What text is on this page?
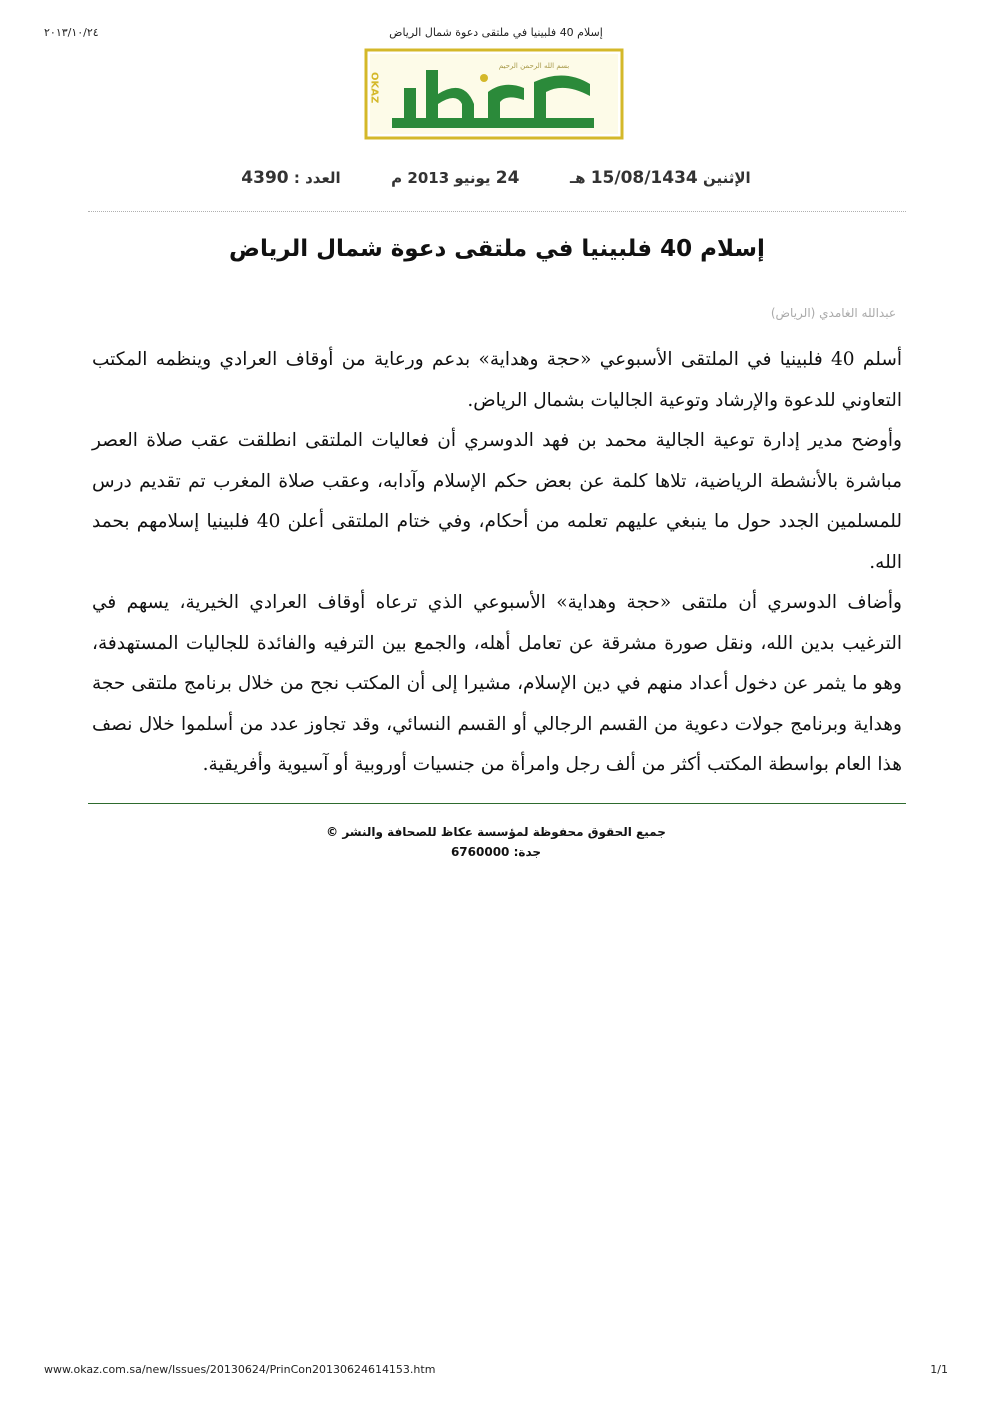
إسلام 40 فلبينيا في ملتقى دعوة شمال الرياض
٢٠١٣/١٠/٢٤
بسم الله الرحمن الرحيم
OKAZ
الإثنين 15/08/1434 هـ  24 يونيو 2013 م  العدد : 4390
إسلام 40 فلبينيا في ملتقى دعوة شمال الرياض
عبدالله الغامدي (الرياض)

أسلم 40 فلبينيا في الملتقى الأسبوعي «حجة وهداية» بدعم ورعاية من أوقاف العرادي وينظمه المكتب التعاوني للدعوة والإرشاد وتوعية الجاليات بشمال الرياض.

وأوضح مدير إدارة توعية الجالية محمد بن فهد الدوسري أن فعاليات الملتقى انطلقت عقب صلاة العصر مباشرة بالأنشطة الرياضية، تلاها كلمة عن بعض حكم الإسلام وآدابه، وعقب صلاة المغرب تم تقديم درس للمسلمين الجدد حول ما ينبغي عليهم تعلمه من أحكام، وفي ختام الملتقى أعلن 40 فلبينيا إسلامهم بحمد الله.

وأضاف الدوسري أن ملتقى «حجة وهداية» الأسبوعي الذي ترعاه أوقاف العرادي الخيرية، يسهم في الترغيب بدين الله، ونقل صورة مشرقة عن تعامل أهله، والجمع بين الترفيه والفائدة للجاليات المستهدفة، وهو ما يثمر عن دخول أعداد منهم في دين الإسلام، مشيرا إلى أن المكتب نجح من خلال برنامج ملتقى حجة وهداية وبرنامج جولات دعوية من القسم الرجالي أو القسم النسائي، وقد تجاوز عدد من أسلموا خلال نصف هذا العام بواسطة المكتب أكثر من ألف رجل وامرأة من جنسيات أوروبية أو آسيوية وأفريقية.

جميع الحقوق محفوظة لمؤسسة عكاظ للصحافة والنشر ©
جدة: 6760000
www.okaz.com.sa/new/Issues/20130624/PrinCon20130624614153.htm	1/1
